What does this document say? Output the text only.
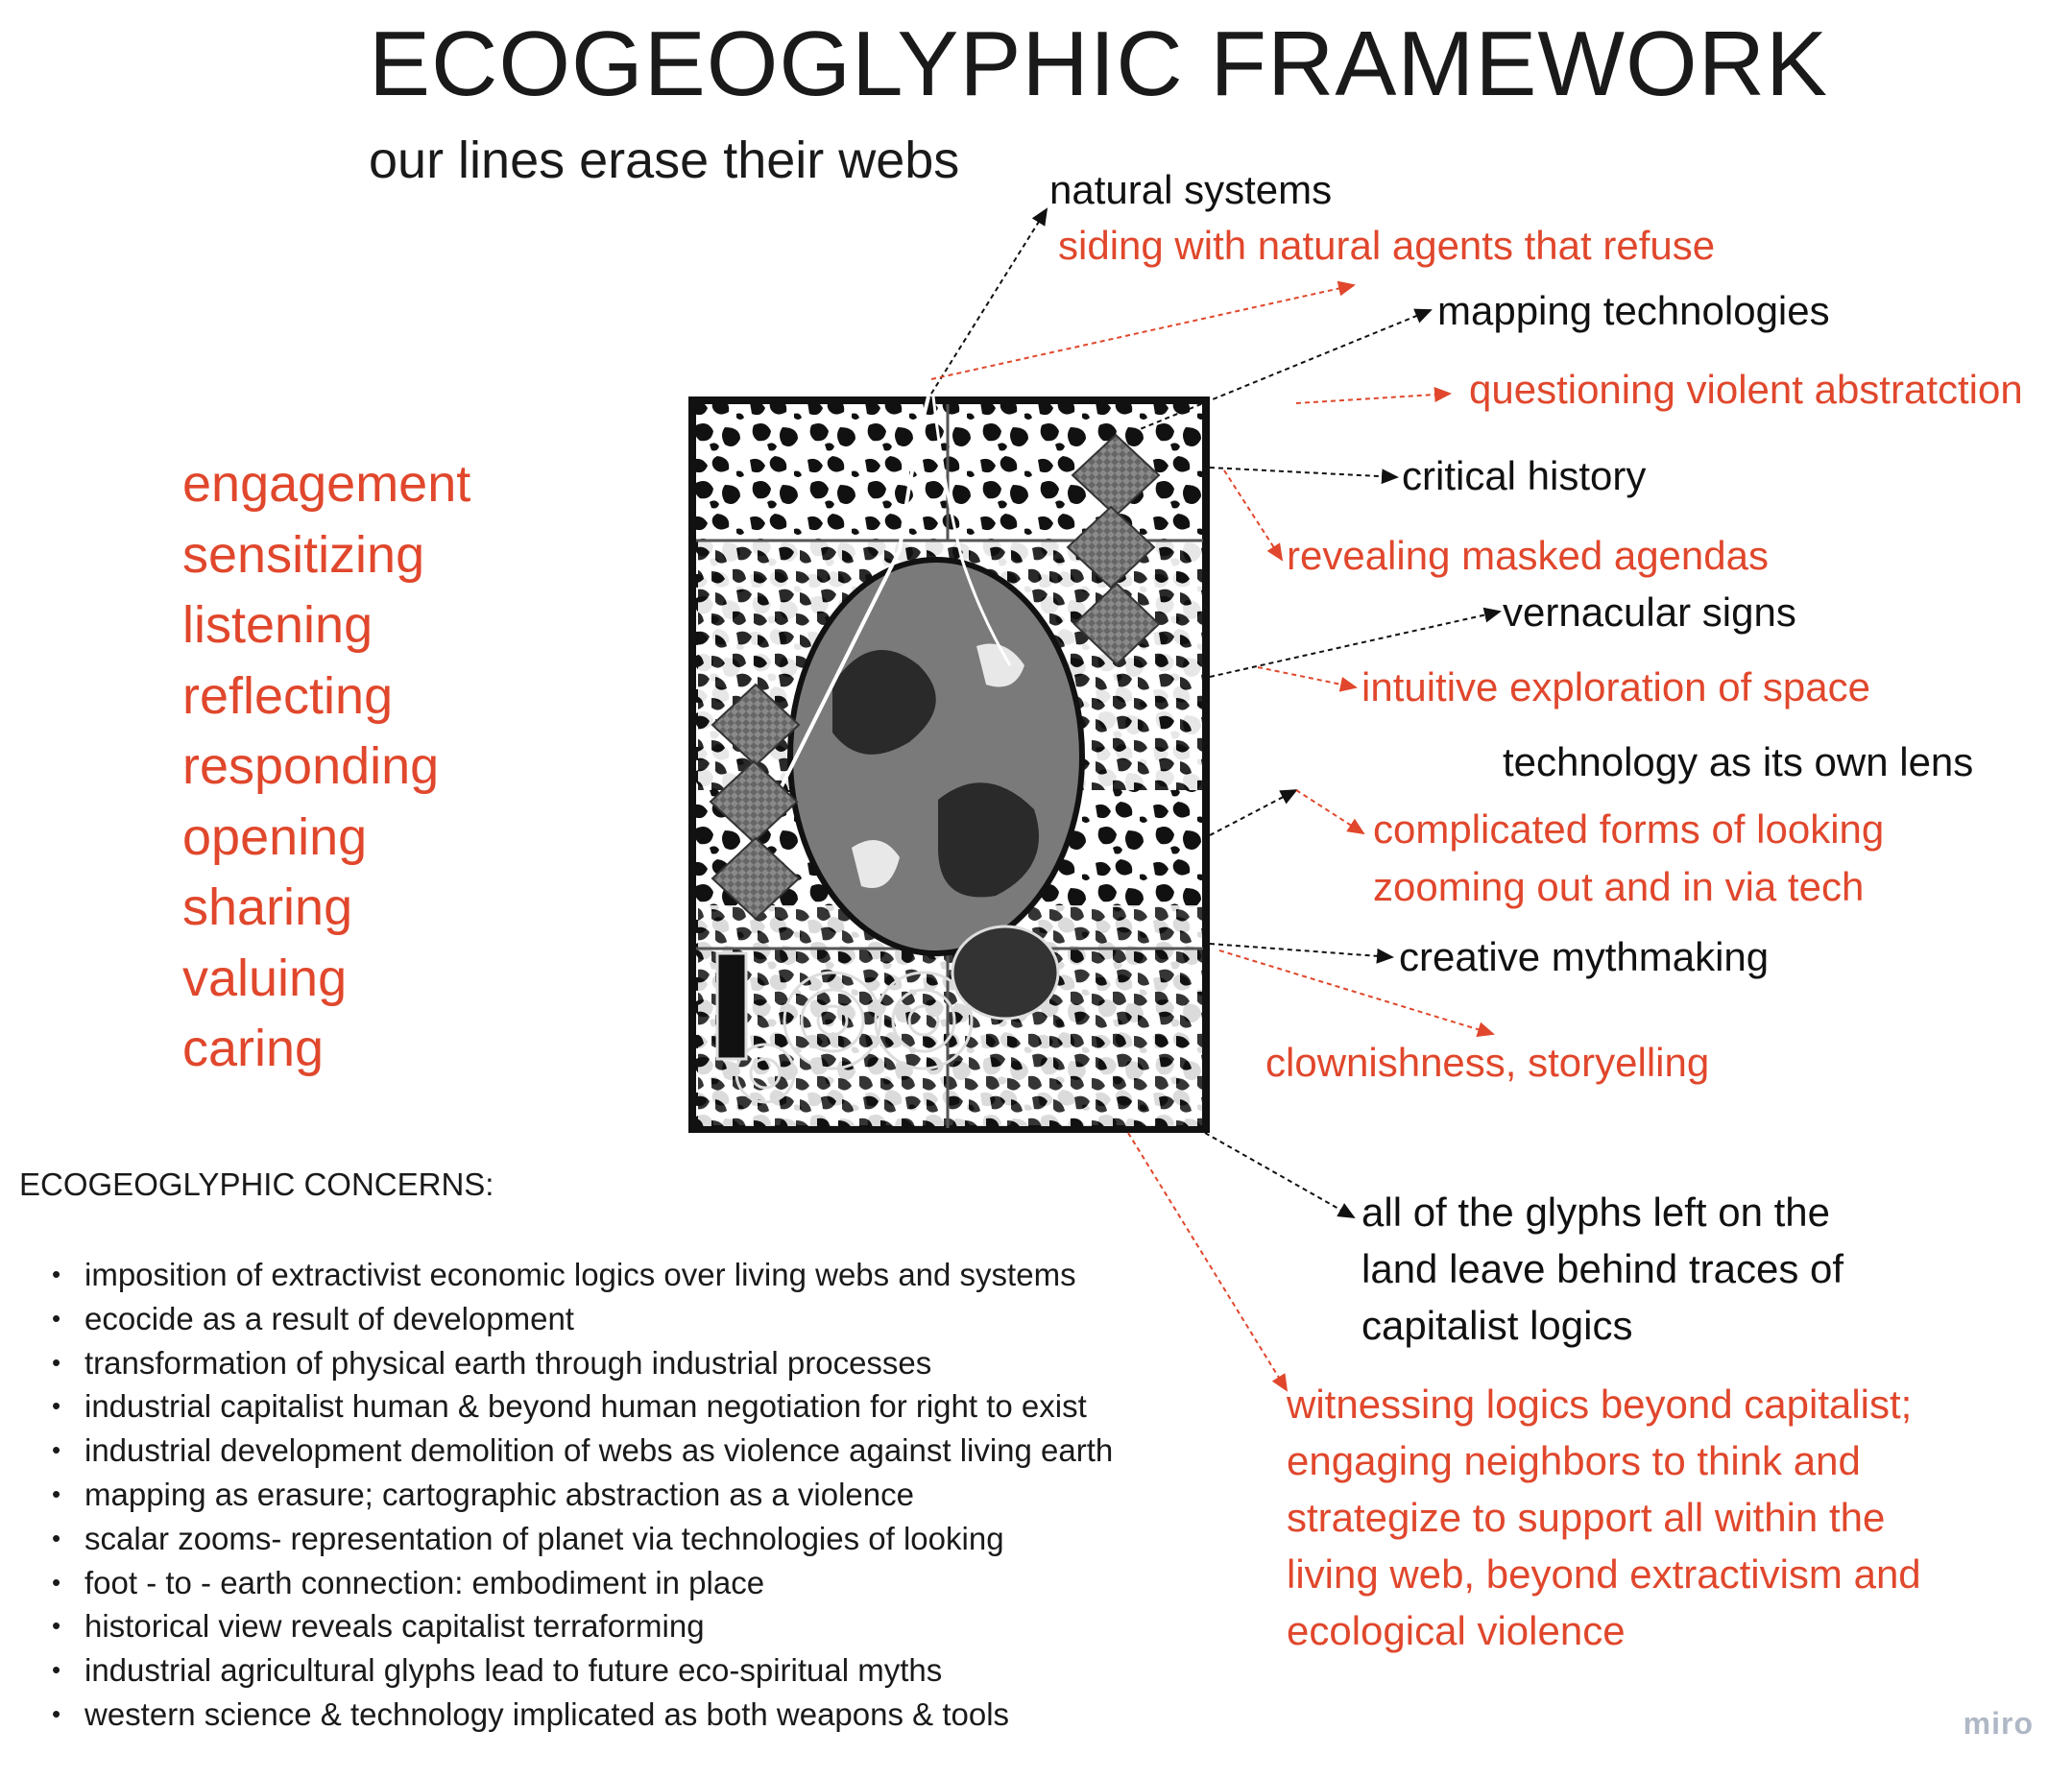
ECOGEOGLYPHIC FRAMEWORK
our lines erase their webs
engagement
sensitizing
listening
reflecting
responding
opening
sharing
valuing
caring
natural systems
siding with natural agents that refuse
mapping technologies
questioning violent abstratction
critical history
revealing masked agendas
vernacular signs
intuitive exploration of space
technology as its own lens
complicated forms of looking
zooming out and in via tech
creative mythmaking
clownishness, storyelling
all of the glyphs left on the land leave behind traces of capitalist logics
witnessing logics beyond capitalist; engaging neighbors to think and strategize to support all within the living web, beyond extractivism and ecological violence
ECOGEOGLYPHIC CONCERNS:
• imposition of extractivist economic logics over living webs and systems
• ecocide as a result of development
• transformation of physical earth through industrial processes
• industrial capitalist human & beyond human negotiation for right to exist
• industrial development demolition of webs as violence against living earth
• mapping as erasure; cartographic abstraction as a violence
• scalar zooms- representation of planet via technologies of looking
• foot - to - earth connection: embodiment in place
• historical view reveals capitalist terraforming
• industrial agricultural glyphs lead to future eco-spiritual myths
• western science & technology implicated as both weapons & tools	miro
